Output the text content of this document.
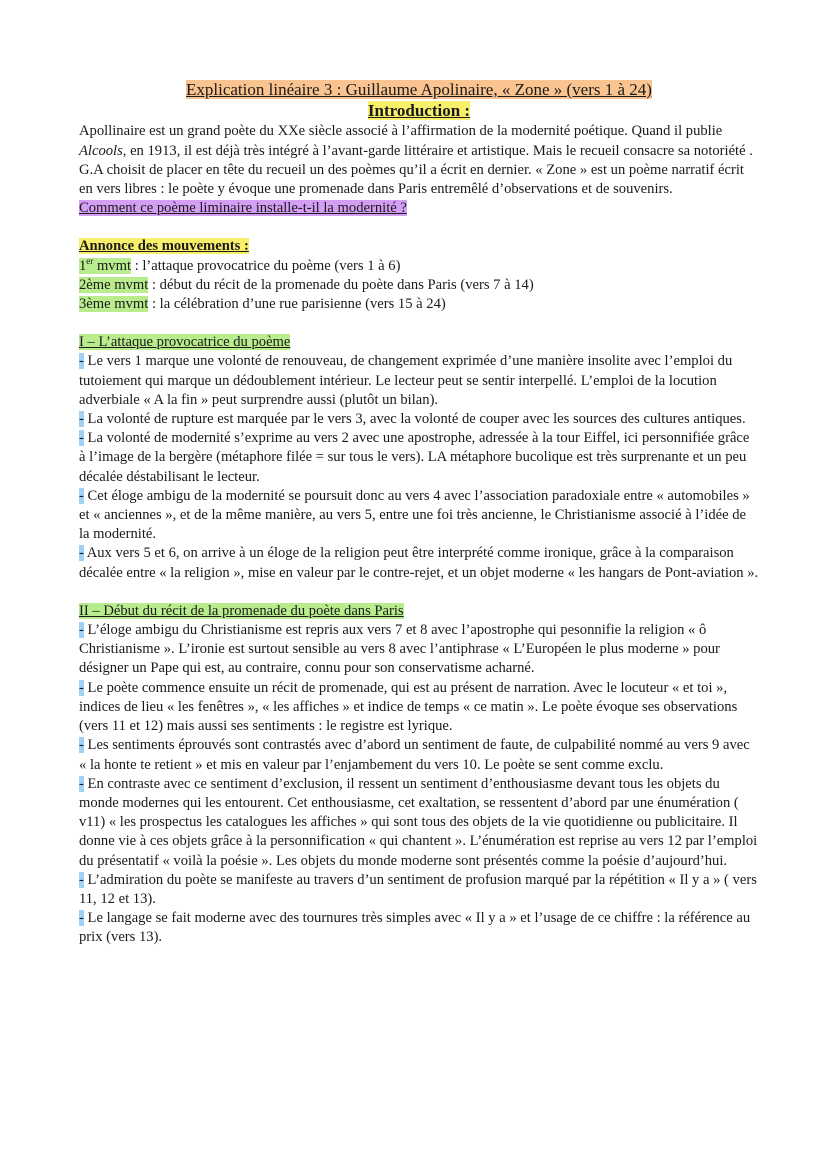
Explication linéaire 3 : Guillaume Apolinaire, « Zone » (vers 1 à 24)

Introduction :

Apollinaire est un grand poète du XXe siècle associé à l’affirmation de la modernité poétique. Quand il publie Alcools, en 1913, il est déjà très intégré à l’avant-garde littéraire et artistique. Mais le recueil consacre sa notoriété . G.A choisit de placer en tête du recueil un des poèmes qu’il a écrit en dernier. « Zone » est un poème narratif écrit en vers libres : le poète y évoque une promenade dans Paris entremêlé d’observations et de souvenirs.

Comment ce poème liminaire installe-t-il la modernité ?

Annonce des mouvements :

1er mvmt : l’attaque provocatrice du poème (vers 1 à 6)

2ème mvmt : début du récit de la promenade du poète dans Paris (vers 7 à 14)

3ème mvmt : la célébration d’une rue parisienne (vers 15 à 24)

I – L’attaque provocatrice du poème

- Le vers 1 marque une volonté de renouveau, de changement exprimée d’une manière insolite avec l’emploi du tutoiement qui marque un dédoublement intérieur. Le lecteur peut se sentir interpellé. L’emploi de la locution adverbiale « A la fin » peut surprendre aussi (plutôt un bilan).

- La volonté de rupture est marquée par le vers 3, avec la volonté de couper avec les sources des cultures antiques.

- La volonté de modernité s’exprime au vers 2 avec une apostrophe, adressée à la tour Eiffel, ici personnifiée grâce à l’image de la bergère (métaphore filée = sur tous le vers). LA métaphore bucolique est très surprenante et un peu décalée déstabilisant le lecteur.

- Cet éloge ambigu de la modernité se poursuit donc au vers 4 avec l’association paradoxiale entre « automobiles » et « anciennes », et de la même manière, au vers 5, entre une foi très ancienne, le Christianisme associé à l’idée de la modernité.

- Aux vers 5 et 6, on arrive à un éloge de la religion peut être interprété comme ironique, grâce à la comparaison décalée entre « la religion », mise en valeur par le contre-rejet, et un objet moderne « les hangars de Pont-aviation ».

II – Début du récit de la promenade du poète dans Paris

- L’éloge ambigu du Christianisme est repris aux vers 7 et 8 avec l’apostrophe qui pesonnifie la religion « ô Christianisme ». L’ironie est surtout sensible au vers 8 avec l’antiphrase « L’Européen le plus moderne » pour désigner un Pape qui est, au contraire, connu pour son conservatisme acharné.

- Le poète commence ensuite un récit de promenade, qui est au présent de narration. Avec le locuteur « et toi », indices de lieu « les fenêtres », « les affiches » et indice de temps « ce matin ». Le poète évoque ses observations (vers 11 et 12) mais aussi ses sentiments : le registre est lyrique.

- Les sentiments éprouvés sont contrastés avec d’abord un sentiment de faute, de culpabilité nommé au vers 9 avec « la honte te retient » et mis en valeur par l’enjambement du vers 10. Le poète se sent comme exclu.

- En contraste avec ce sentiment d’exclusion, il ressent un sentiment d’enthousiasme devant tous les objets du monde modernes qui les entourent. Cet enthousiasme, cet exaltation, se ressentent d’abord par une énumération ( v11) « les prospectus les catalogues les affiches » qui sont tous des objets de la vie quotidienne ou publicitaire. Il donne vie à ces objets grâce à la personnification « qui chantent ». L’énumération est reprise au vers 12 par l’emploi du présentatif « voilà la poésie ». Les objets du monde moderne sont présentés comme la poésie d’aujourd’hui.

- L’admiration du poète se manifeste au travers d’un sentiment de profusion marqué par la répétition « Il y a » ( vers 11, 12 et 13).

- Le langage se fait moderne avec des tournures très simples avec « Il y a » et l’usage de ce chiffre : la référence au prix (vers 13).
